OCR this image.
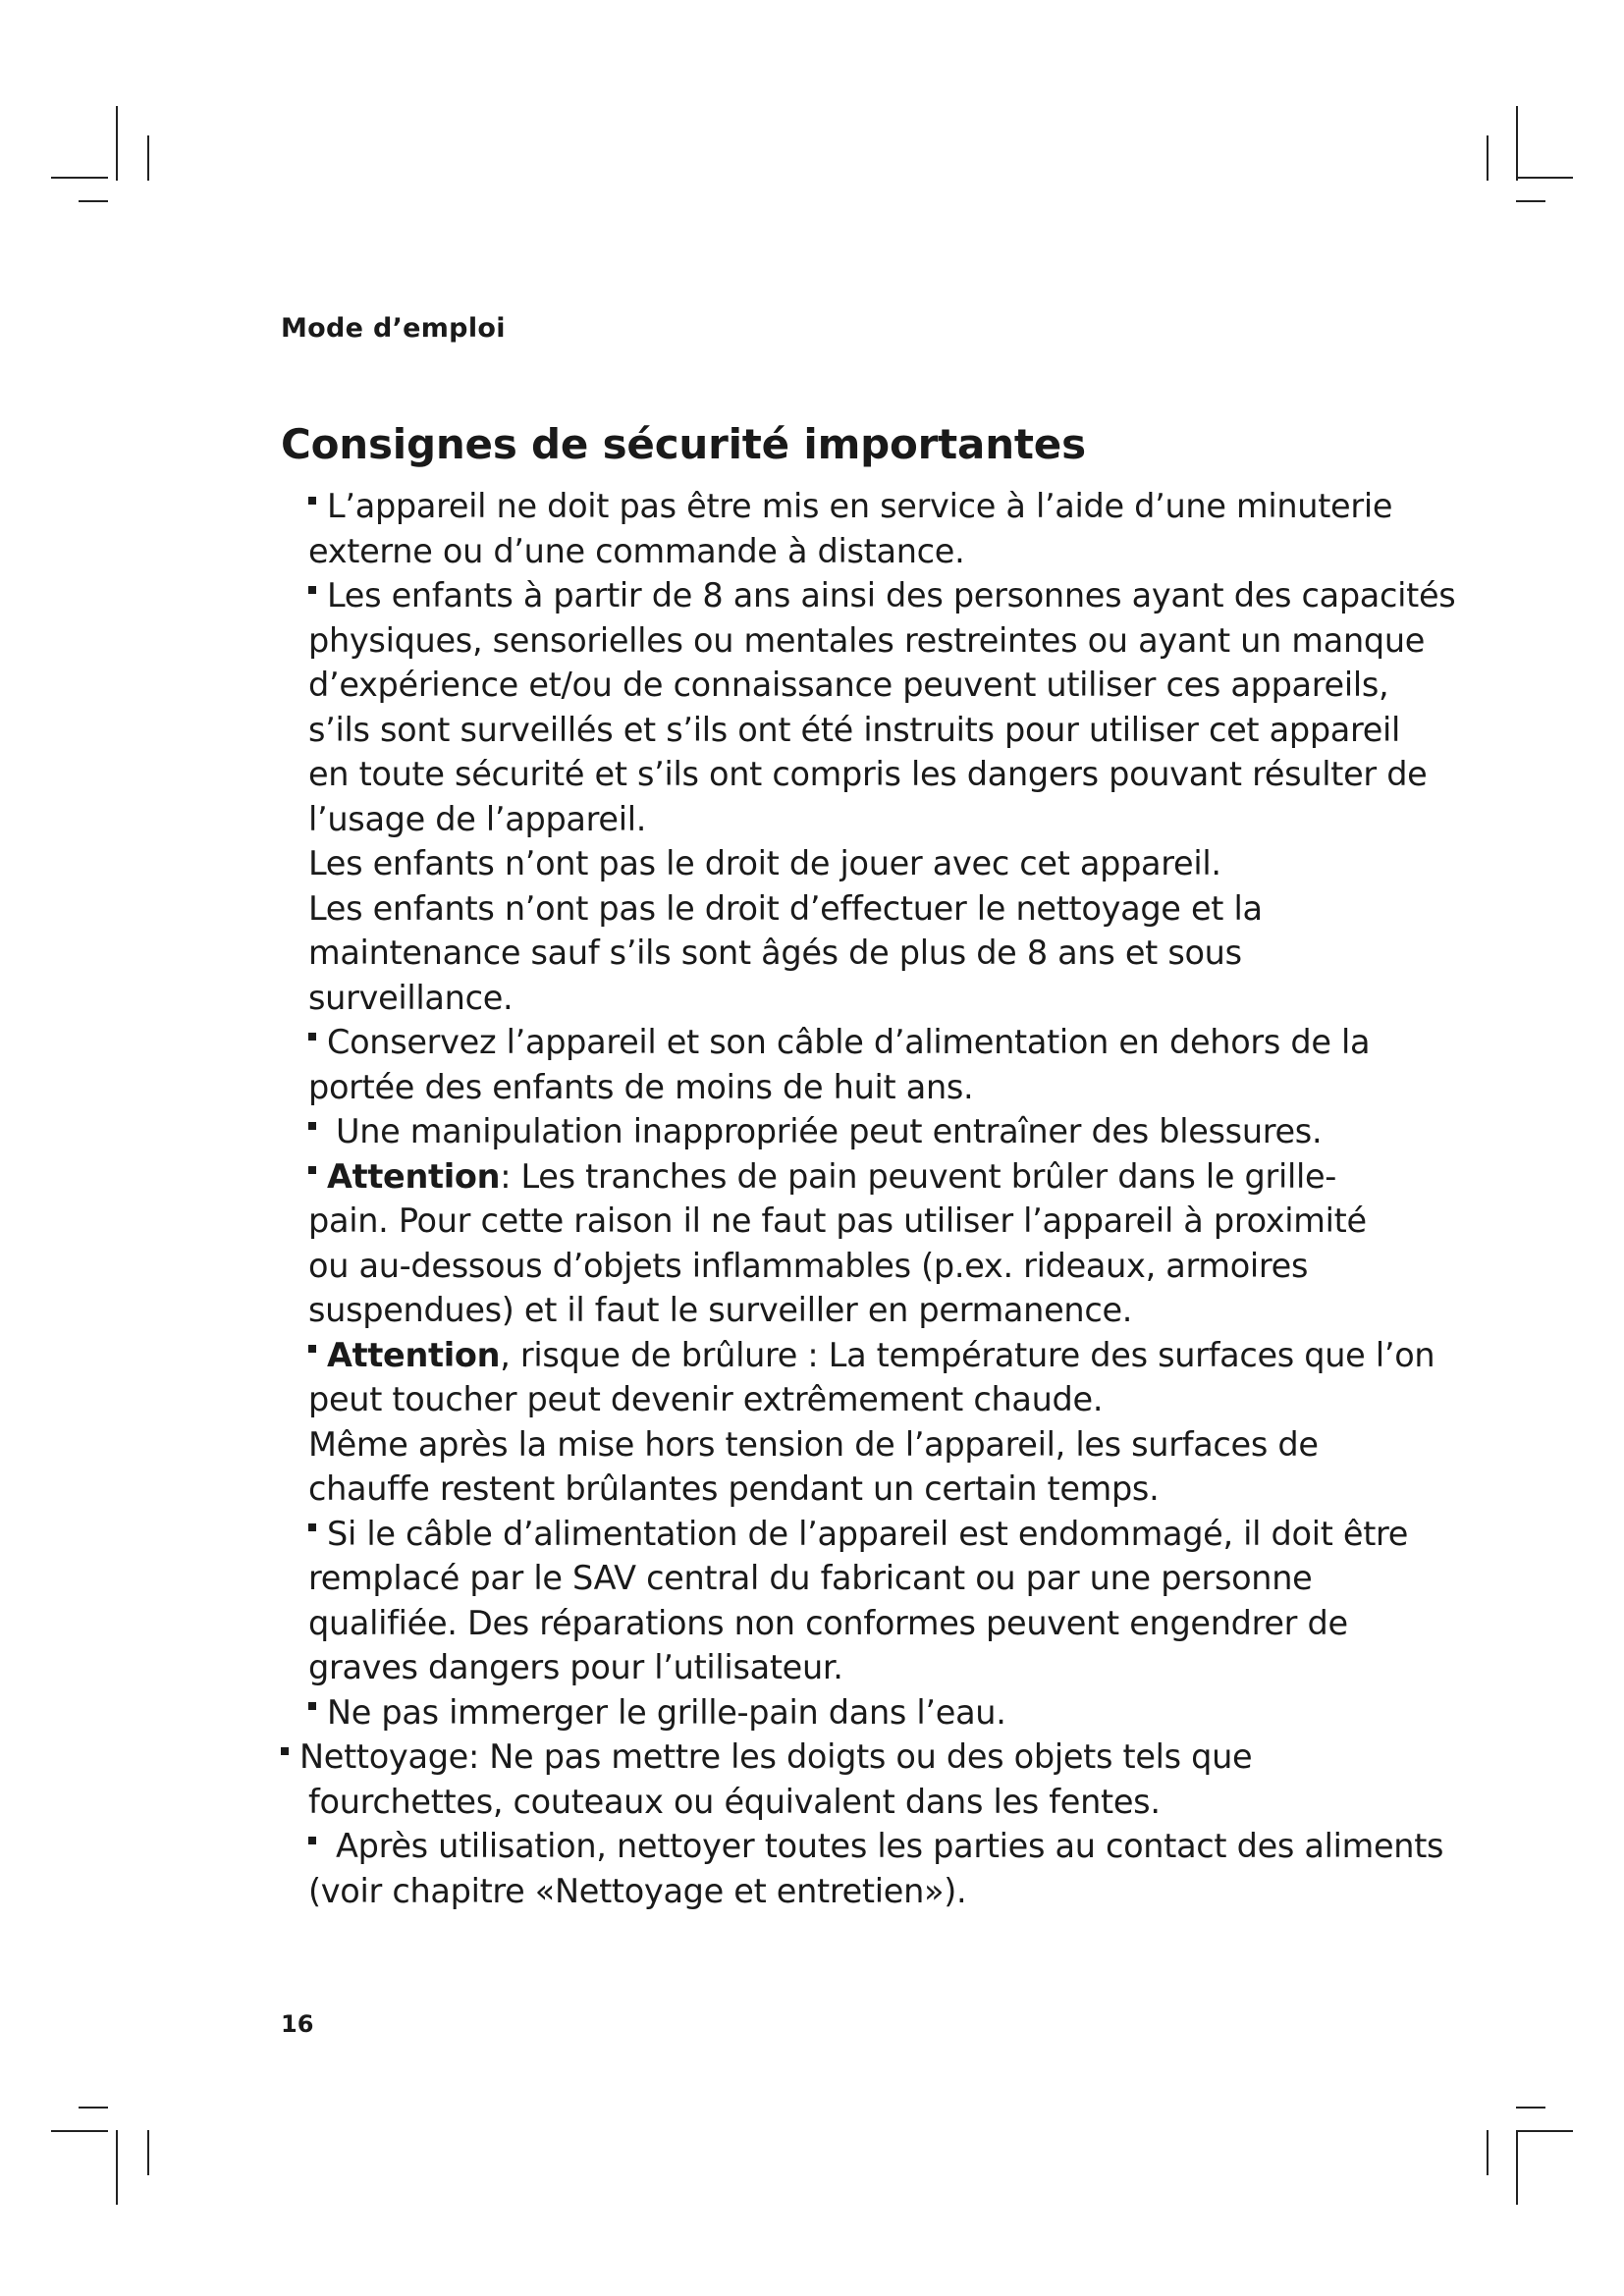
Mode d’emploi
Consignes de sécurité importantes
L’appareil ne doit pas être mis en service à l’aide d’une minuterie
externe ou d’une commande à distance.
Les enfants à partir de 8 ans ainsi des personnes ayant des capacités
physiques, sensorielles ou mentales restreintes ou ayant un manque
d’expérience et/ou de connaissance peuvent utiliser ces appareils,
s’ils sont surveillés et s’ils ont été instruits pour utiliser cet appareil
en toute sécurité et s’ils ont compris les dangers pouvant résulter de
l’usage de l’appareil.
Les enfants n’ont pas le droit de jouer avec cet appareil.
Les enfants n’ont pas le droit d’effectuer le nettoyage et la
maintenance sauf s’ils sont âgés de plus de 8 ans et sous
surveillance.
Conservez l’appareil et son câble d’alimentation en dehors de la
portée des enfants de moins de huit ans.
Une manipulation inappropriée peut entraîner des blessures.
Attention: Les tranches de pain peuvent brûler dans le grille-
pain. Pour cette raison il ne faut pas utiliser l’appareil à proximité
ou au-dessous d’objets inflammables (p.ex. rideaux, armoires
suspendues) et il faut le surveiller en permanence.
Attention, risque de brûlure : La température des surfaces que l’on
peut toucher peut devenir extrêmement chaude.
Même après la mise hors tension de l’appareil, les surfaces de
chauffe restent brûlantes pendant un certain temps.
Si le câble d’alimentation de l’appareil est endommagé, il doit être
remplacé par le SAV central du fabricant ou par une personne
qualifiée. Des réparations non conformes peuvent engendrer de
graves dangers pour l’utilisateur.
Ne pas immerger le grille-pain dans l’eau.
Nettoyage: Ne pas mettre les doigts ou des objets tels que
fourchettes, couteaux ou équivalent dans les fentes.
Après utilisation, nettoyer toutes les parties au contact des aliments
(voir chapitre «Nettoyage et entretien»).
16
